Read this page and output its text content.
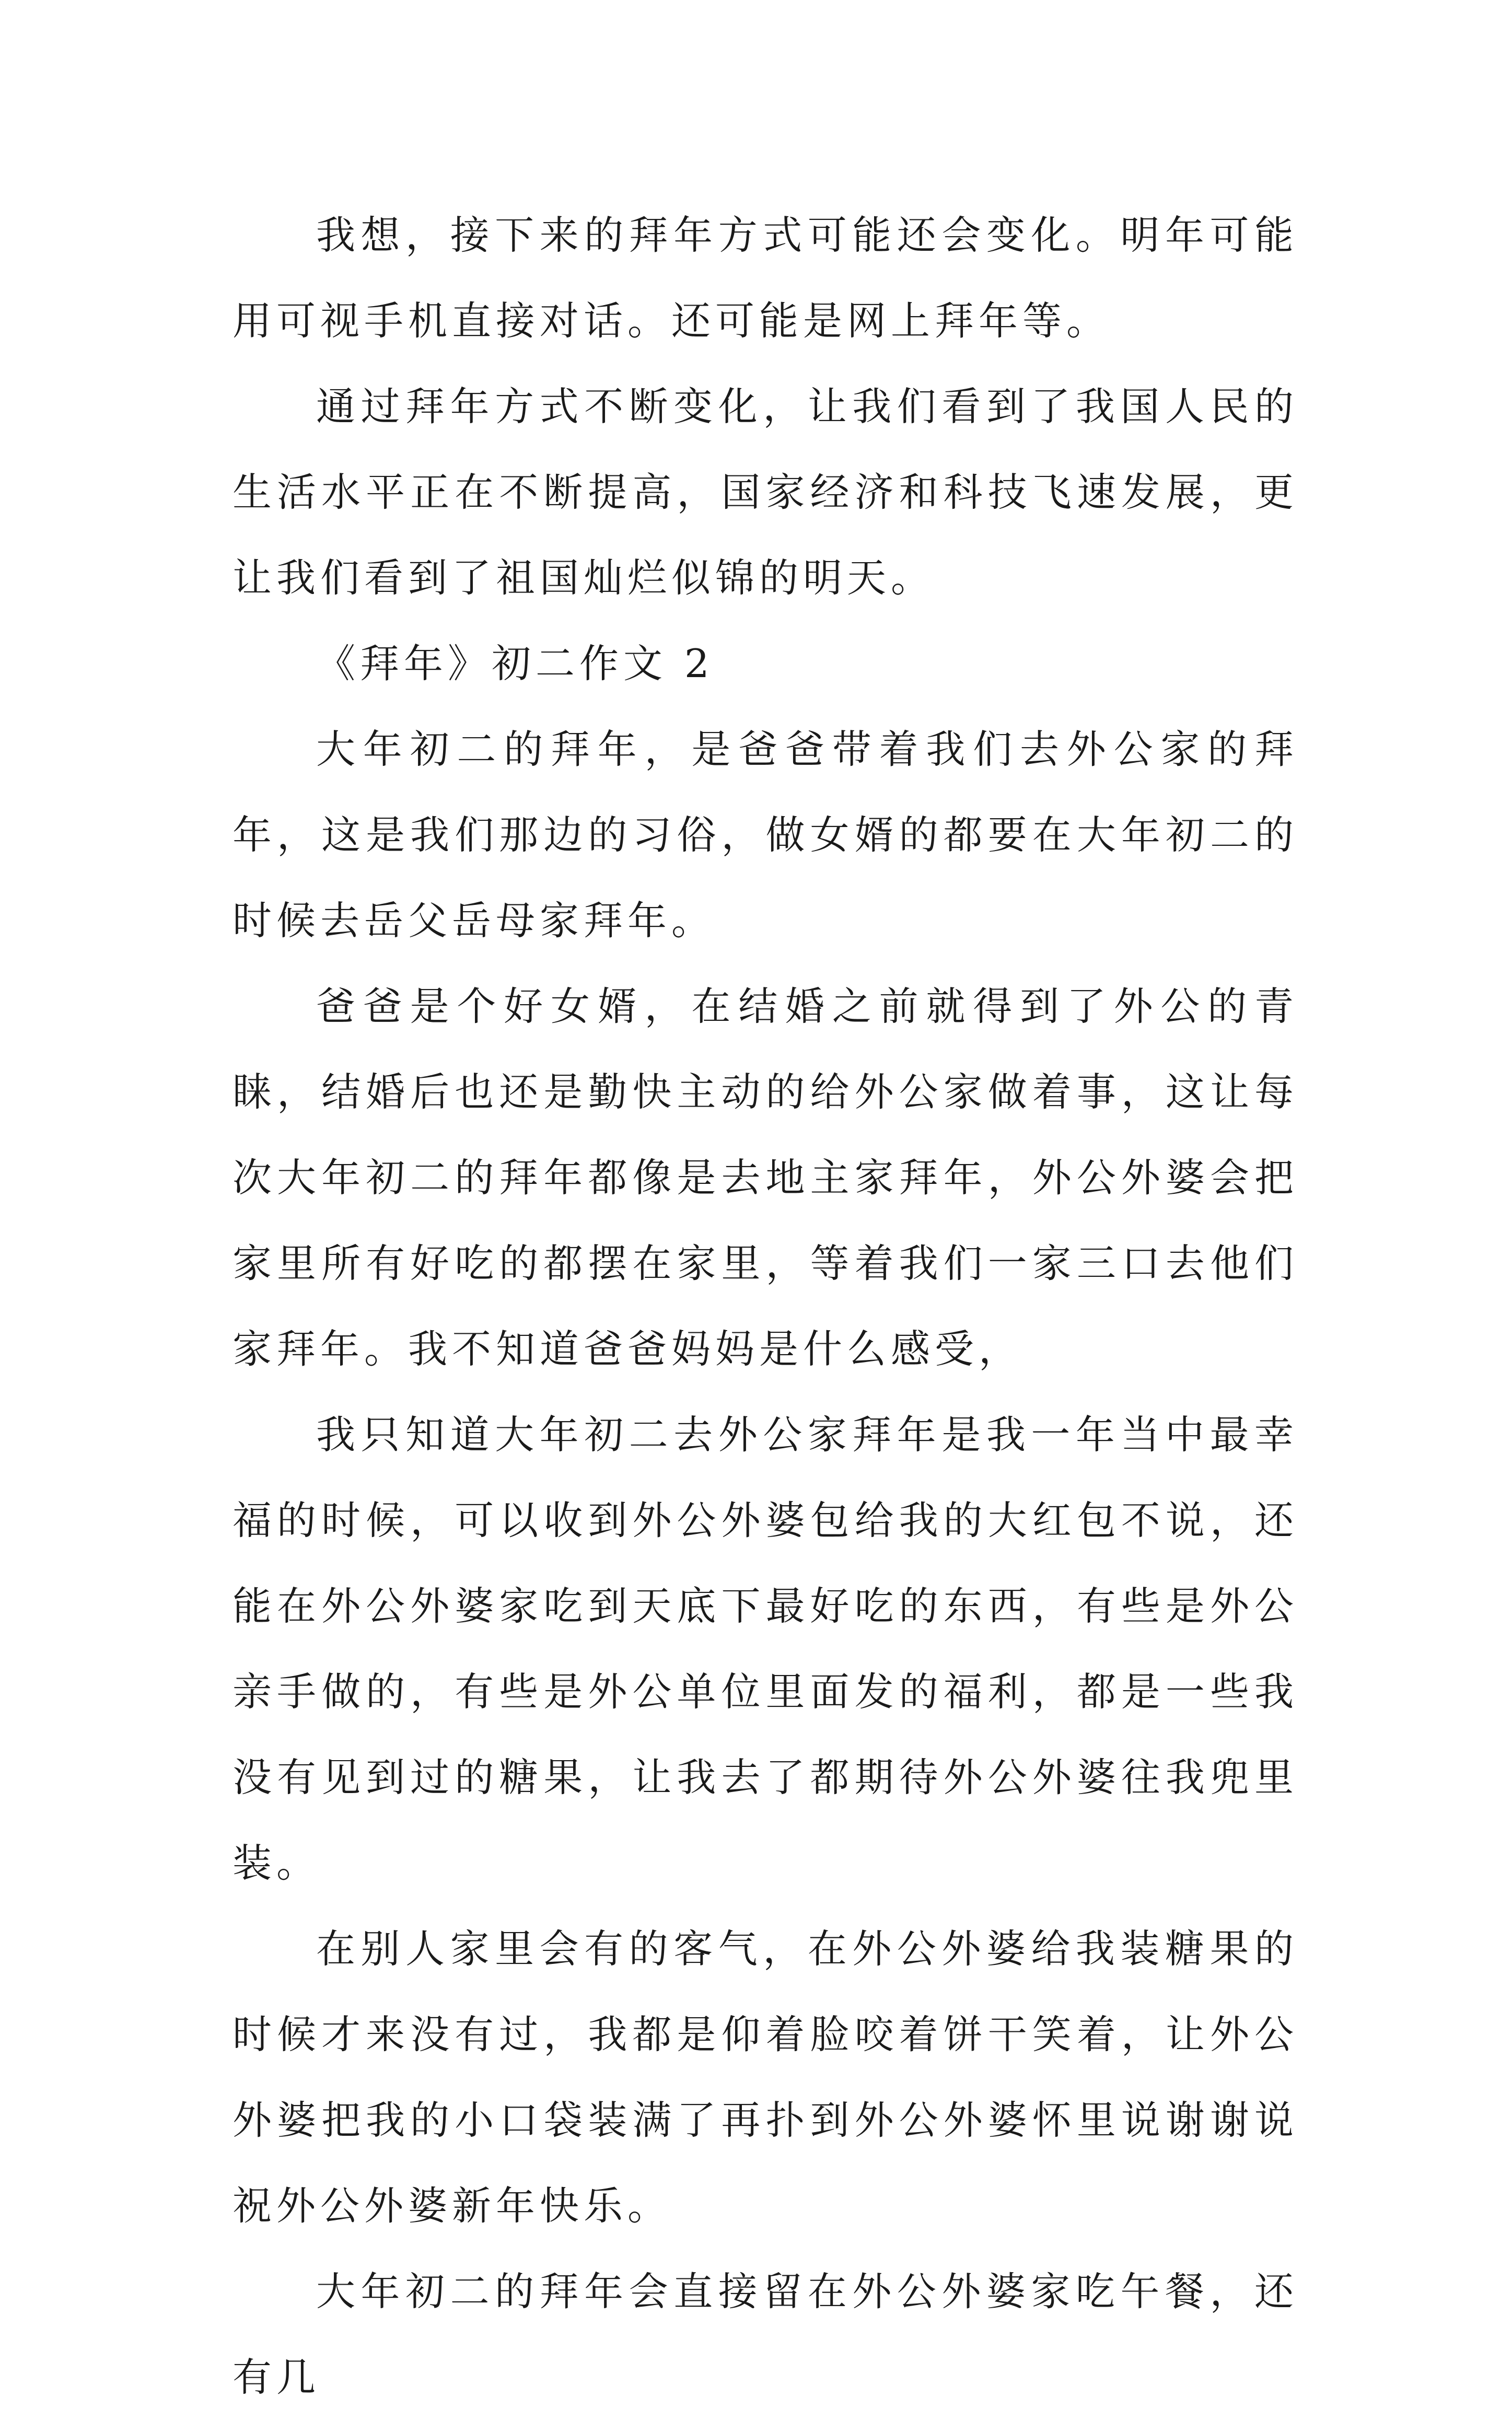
我想，接下来的拜年方式可能还会变化。明年可能用可视手机直接对话。还可能是网上拜年等。

通过拜年方式不断变化，让我们看到了我国人民的生活水平正在不断提高，国家经济和科技飞速发展，更让我们看到了祖国灿烂似锦的明天。

《拜年》初二作文 2

大年初二的拜年，是爸爸带着我们去外公家的拜年，这是我们那边的习俗，做女婿的都要在大年初二的时候去岳父岳母家拜年。

爸爸是个好女婿，在结婚之前就得到了外公的青睐，结婚后也还是勤快主动的给外公家做着事，这让每次大年初二的拜年都像是去地主家拜年，外公外婆会把家里所有好吃的都摆在家里，等着我们一家三口去他们家拜年。我不知道爸爸妈妈是什么感受，

我只知道大年初二去外公家拜年是我一年当中最幸福的时候，可以收到外公外婆包给我的大红包不说，还能在外公外婆家吃到天底下最好吃的东西，有些是外公亲手做的，有些是外公单位里面发的福利，都是一些我没有见到过的糖果，让我去了都期待外公外婆往我兜里装。

在别人家里会有的客气，在外公外婆给我装糖果的时候才来没有过，我都是仰着脸咬着饼干笑着，让外公外婆把我的小口袋装满了再扑到外公外婆怀里说谢谢说祝外公外婆新年快乐。

大年初二的拜年会直接留在外公外婆家吃午餐，还有几
